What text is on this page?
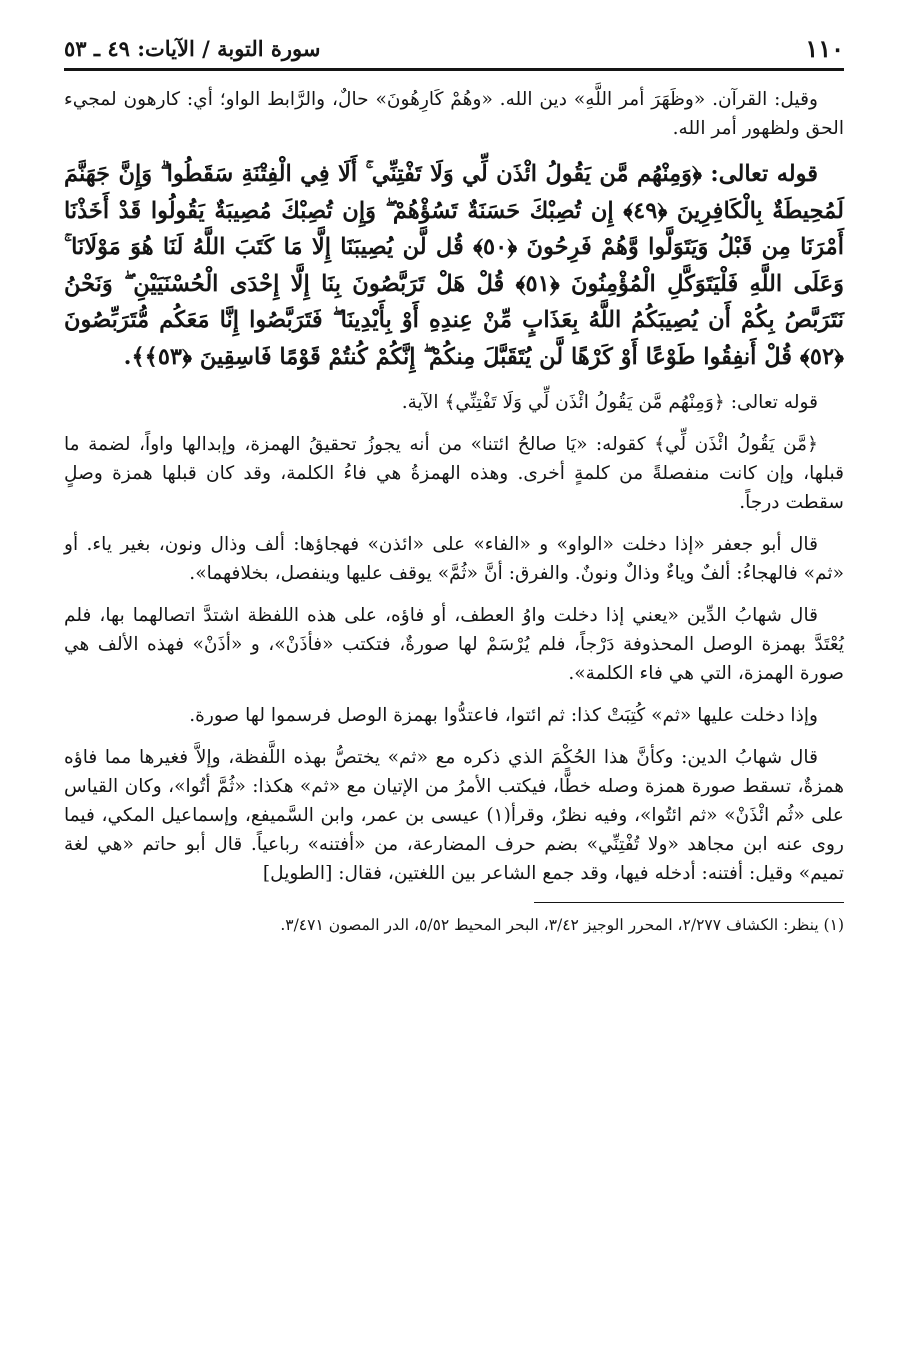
١١٠
سورة التوبة / الآيات: ٤٩ ـ ٥٣

وقيل: القرآن. «وظَهَرَ أمر اللَّهِ» دين الله. «وهُمْ كَارِهُونَ» حالٌ، والرَّابط الواو؛ أي: كارهون لمجيء الحق ولظهور أمر الله.

قوله تعالى: ﴿وَمِنْهُم مَّن يَقُولُ ائْذَن لِّي وَلَا تَفْتِنِّي ۚ أَلَا فِي الْفِتْنَةِ سَقَطُوا ۗ وَإِنَّ جَهَنَّمَ لَمُحِيطَةٌ بِالْكَافِرِينَ ﴿٤٩﴾ إِن تُصِبْكَ حَسَنَةٌ تَسُؤْهُمْ ۖ وَإِن تُصِبْكَ مُصِيبَةٌ يَقُولُوا قَدْ أَخَذْنَا أَمْرَنَا مِن قَبْلُ وَيَتَوَلَّوا وَّهُمْ فَرِحُونَ ﴿٥٠﴾ قُل لَّن يُصِيبَنَا إِلَّا مَا كَتَبَ اللَّهُ لَنَا هُوَ مَوْلَانَا ۚ وَعَلَى اللَّهِ فَلْيَتَوَكَّلِ الْمُؤْمِنُونَ ﴿٥١﴾ قُلْ هَلْ تَرَبَّصُونَ بِنَا إِلَّا إِحْدَى الْحُسْنَيَيْنِ ۖ وَنَحْنُ نَتَرَبَّصُ بِكُمْ أَن يُصِيبَكُمُ اللَّهُ بِعَذَابٍ مِّنْ عِندِهِ أَوْ بِأَيْدِينَا ۖ فَتَرَبَّصُوا إِنَّا مَعَكُم مُّتَرَبِّصُونَ ﴿٥٢﴾ قُلْ أَنفِقُوا طَوْعًا أَوْ كَرْهًا لَّن يُتَقَبَّلَ مِنكُمْ ۖ إِنَّكُمْ كُنتُمْ قَوْمًا فَاسِقِينَ ﴿٥٣﴾﴾.

قوله تعالى: ﴿وَمِنْهُم مَّن يَقُولُ ائْذَن لِّي وَلَا تَفْتِنِّي﴾ الآية.

﴿مَّن يَقُولُ ائْذَن لِّي﴾ كقوله: «يَا صالحُ ائتنا» من أنه يجوزُ تحقيقُ الهمزة، وإبدالها واواً، لضمة ما قبلها، وإن كانت منفصلةً من كلمةٍ أخرى. وهذه الهمزةُ هي فاءُ الكلمة، وقد كان قبلها همزة وصلٍ سقطت درجاً.

قال أبو جعفر «إذا دخلت «الواو» و «الفاء» على «ائذن» فهجاؤها: ألف وذال ونون، بغير ياء. أو «ثم» فالهجاءُ: ألفٌ وياءٌ وذالٌ ونونٌ. والفرق: أنَّ «ثُمَّ» يوقف عليها وينفصل، بخلافهما».

قال شهابُ الدِّين «يعني إذا دخلت واوُ العطف، أو فاؤه، على هذه اللفظة اشتدَّ اتصالهما بها، فلم يُعْتَدَّ بهمزة الوصل المحذوفة دَرْجاً، فلم يُرْسَمْ لها صورةٌ، فتكتب «فأذَنْ»، و «أذَنْ» فهذه الألف هي صورة الهمزة، التي هي فاء الكلمة».

وإذا دخلت عليها «ثم» كُتِبَتْ كذا: ثم ائتوا، فاعتدُّوا بهمزة الوصل فرسموا لها صورة.

قال شهابُ الدين: وكأنَّ هذا الحُكْمَ الذي ذكره مع «ثم» يختصُّ بهذه اللَّفظة، وإلاَّ فغيرها مما فاؤه همزةٌ، تسقط صورة همزة وصله خطًّا، فيكتب الأمرُ من الإتيان مع «ثم» هكذا: «ثُمَّ أتُوا»، وكان القياس على «ثُم ائْذَنْ» «ثم ائتُوا»، وفيه نظرٌ، وقرأ(١) عيسى بن عمر، وابن السَّميفع، وإسماعيل المكي، فيما روى عنه ابن مجاهد «ولا تُفْتِنِّي» بضم حرف المضارعة، من «أفتنه» رباعياً. قال أبو حاتم «هي لغة تميم» وقيل: أفتنه: أدخله فيها، وقد جمع الشاعر بين اللغتين، فقال: [الطويل]

(١) ينظر: الكشاف ٢/٢٧٧، المحرر الوجيز ٣/٤٢، البحر المحيط ٥/٥٢، الدر المصون ٣/٤٧١.
